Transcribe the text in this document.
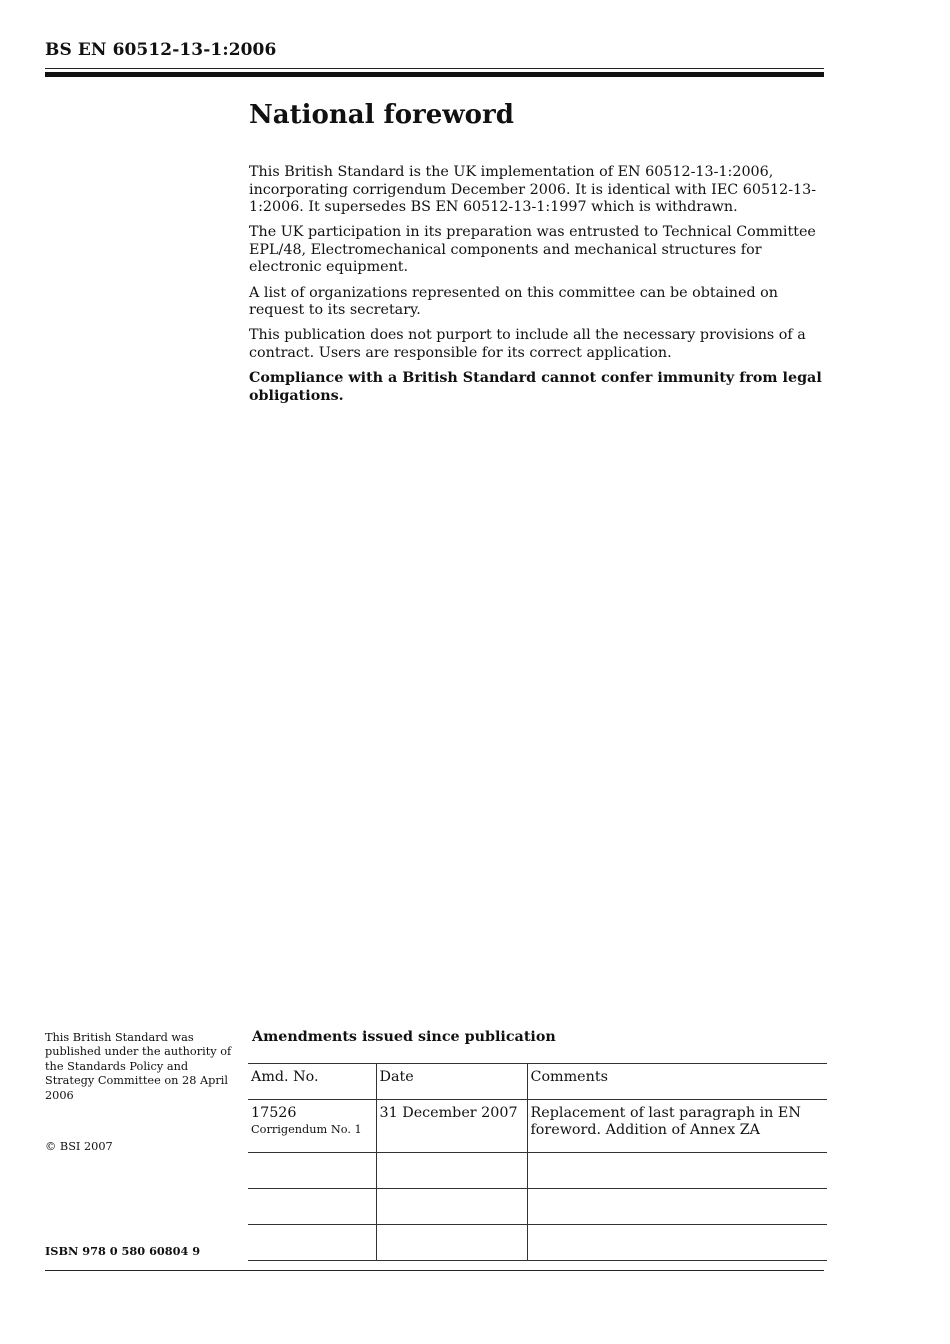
BS EN 60512-13-1:2006
National foreword

This British Standard is the UK implementation of EN 60512-13-1:2006, incorporating corrigendum December 2006. It is identical with IEC 60512-13-1:2006. It supersedes BS EN 60512-13-1:1997 which is withdrawn.

The UK participation in its preparation was entrusted to Technical Committee EPL/48, Electromechanical components and mechanical structures for electronic equipment.

A list of organizations represented on this committee can be obtained on request to its secretary.

This publication does not purport to include all the necessary provisions of a contract. Users are responsible for its correct application.

Compliance with a British Standard cannot confer immunity from legal obligations.

This British Standard was published under the authority of the Standards Policy and Strategy Committee on 28 April 2006
© BSI 2007
ISBN 978 0 580 60804 9
Amendments issued since publication
Amd. No.	Date	Comments
17526
Corrigendum No. 1	31 December 2007	Replacement of last paragraph in EN foreword. Addition of Annex ZA
